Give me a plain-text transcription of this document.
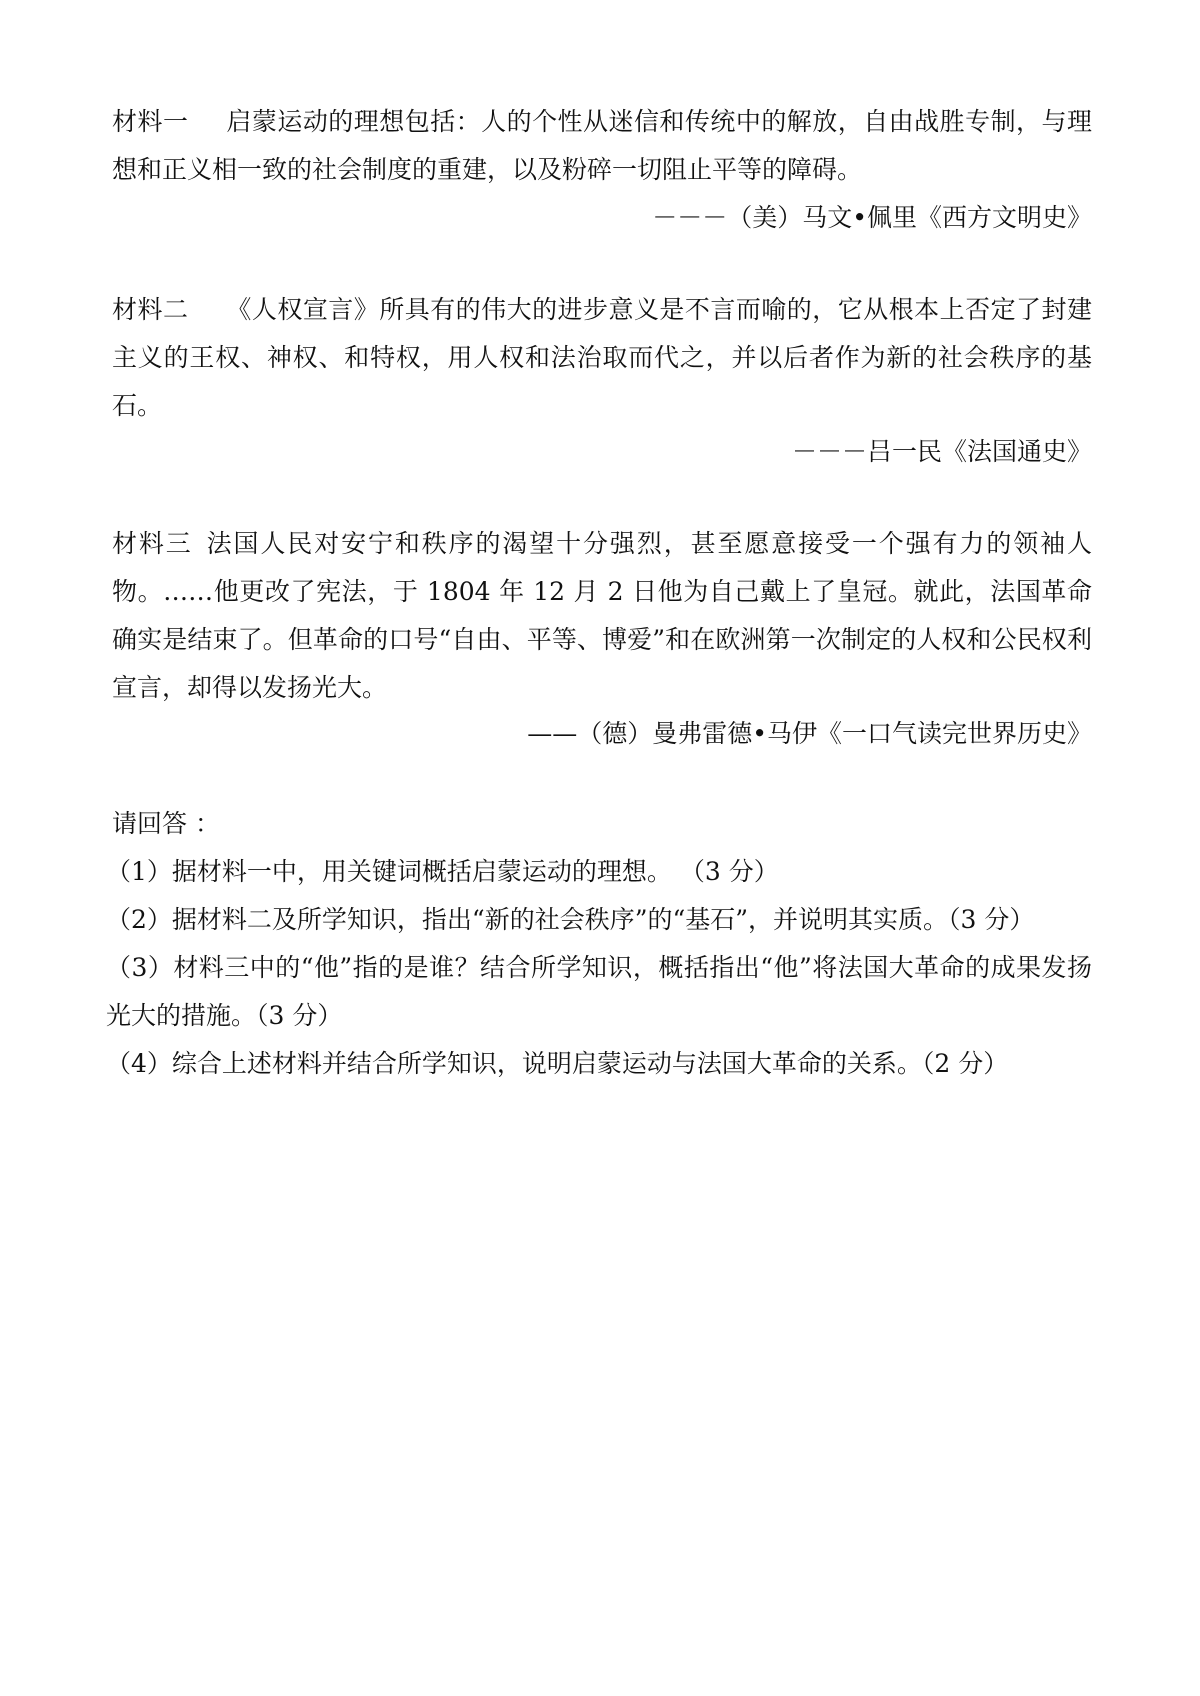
材料一 启蒙运动的理想包括：人的个性从迷信和传统中的解放，自由战胜专制，与理想和正义相一致的社会制度的重建，以及粉碎一切阻止平等的障碍。

－－－（美）马文•佩里《西方文明史》

材料二 《人权宣言》所具有的伟大的进步意义是不言而喻的，它从根本上否定了封建主义的王权、神权、和特权，用人权和法治取而代之，并以后者作为新的社会秩序的基石。

－－－吕一民《法国通史》

材料三 法国人民对安宁和秩序的渴望十分强烈，甚至愿意接受一个强有力的领袖人物。……他更改了宪法，于 1804 年 12 月 2 日他为自己戴上了皇冠。就此，法国革命确实是结束了。但革命的口号“自由、平等、博爱”和在欧洲第一次制定的人权和公民权利宣言，却得以发扬光大。

——（德）曼弗雷德•马伊《一口气读完世界历史》

请回答 ：

（1）据材料一中，用关键词概括启蒙运动的理想。 （3 分）

（2）据材料二及所学知识，指出“新的社会秩序”的“基石”，并说明其实质。（3 分）

（3）材料三中的“他”指的是谁？结合所学知识，概括指出“他”将法国大革命的成果发扬光大的措施。（3 分）

（4）综合上述材料并结合所学知识，说明启蒙运动与法国大革命的关系。（2 分）
